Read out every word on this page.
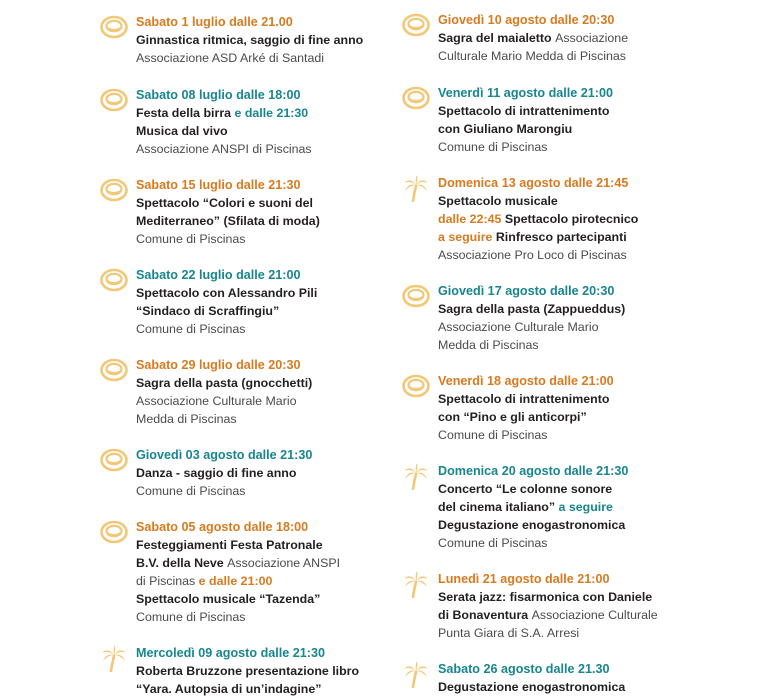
Sabato 1 luglio dalle 21.00
Ginnastica ritmica, saggio di fine anno
Associazione ASD Arké di Santadi
Sabato 08 luglio dalle 18:00
Festa della birra e dalle 21:30
Musica dal vivo
Associazione ANSPI di Piscinas
Sabato 15 luglio dalle 21:30
Spettacolo “Colori e suoni del
Mediterraneo” (Sfilata di moda)
Comune di Piscinas
Sabato 22 luglio dalle 21:00
Spettacolo con Alessandro Pili
“Sindaco di Scraffingiu”
Comune di Piscinas
Sabato 29 luglio dalle 20:30
Sagra della pasta (gnocchetti)
Associazione Culturale Mario
Medda di Piscinas
Giovedì 03 agosto dalle 21:30
Danza - saggio di fine anno
Comune di Piscinas
Sabato 05 agosto dalle 18:00
Festeggiamenti Festa Patronale
B.V. della Neve Associazione ANSPI
di Piscinas e dalle 21:00
Spettacolo musicale “Tazenda”
Comune di Piscinas
Mercoledì 09 agosto dalle 21:30
Roberta Bruzzone presentazione libro
“Yara. Autopsia di un’indagine”
Giovedì 10 agosto dalle 20:30
Sagra del maialetto Associazione
Culturale Mario Medda di Piscinas
Venerdì 11 agosto dalle 21:00
Spettacolo di intrattenimento
con Giuliano Marongiu
Comune di Piscinas
Domenica 13 agosto dalle 21:45
Spettacolo musicale
dalle 22:45 Spettacolo pirotecnico
a seguire Rinfresco partecipanti
Associazione Pro Loco di Piscinas
Giovedì 17 agosto dalle 20:30
Sagra della pasta (Zappueddus)
Associazione Culturale Mario
Medda di Piscinas
Venerdì 18 agosto dalle 21:00
Spettacolo di intrattenimento
con “Pino e gli anticorpi”
Comune di Piscinas
Domenica 20 agosto dalle 21:30
Concerto “Le colonne sonore
del cinema italiano” a seguire
Degustazione enogastronomica
Comune di Piscinas
Lunedì 21 agosto dalle 21:00
Serata jazz: fisarmonica con Daniele
di Bonaventura Associazione Culturale
Punta Giara di S.A. Arresi
Sabato 26 agosto dalle 21.30
Degustazione enogastronomica
